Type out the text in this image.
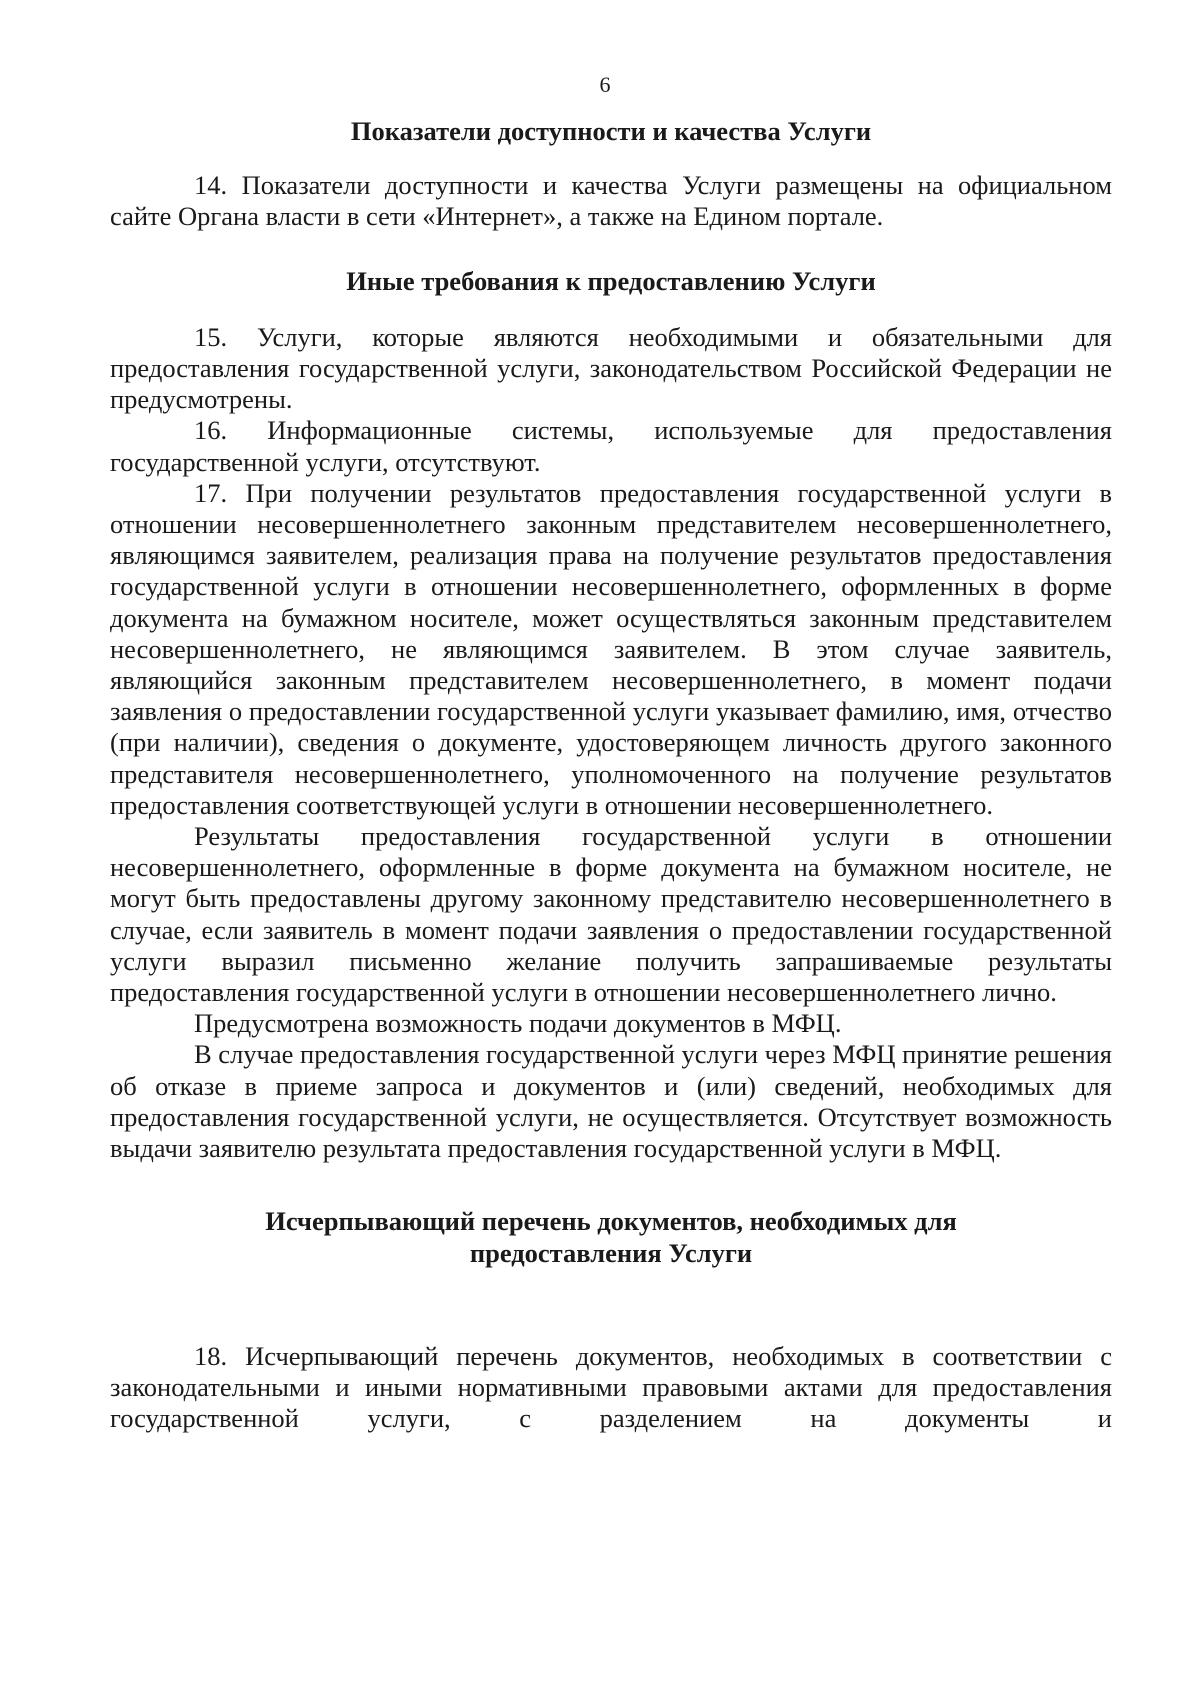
6

Показатели доступности и качества Услуги

14. Показатели доступности и качества Услуги размещены на официальном сайте Органа власти в сети «Интернет», а также на Едином портале.

Иные требования к предоставлению Услуги

15. Услуги, которые являются необходимыми и обязательными для предоставления государственной услуги, законодательством Российской Федерации не предусмотрены.

16. Информационные системы, используемые для предоставления государственной услуги, отсутствуют.

17. При получении результатов предоставления государственной услуги в отношении несовершеннолетнего законным представителем несовершеннолетнего, являющимся заявителем, реализация права на получение результатов предоставления государственной услуги в отношении несовершеннолетнего, оформленных в форме документа на бумажном носителе, может осуществляться законным представителем несовершеннолетнего, не являющимся заявителем. В этом случае заявитель, являющийся законным представителем несовершеннолетнего, в момент подачи заявления о предоставлении государственной услуги указывает фамилию, имя, отчество (при наличии), сведения о документе, удостоверяющем личность другого законного представителя несовершеннолетнего, уполномоченного на получение результатов предоставления соответствующей услуги в отношении несовершеннолетнего.

Результаты предоставления государственной услуги в отношении несовершеннолетнего, оформленные в форме документа на бумажном носителе, не могут быть предоставлены другому законному представителю несовершеннолетнего в случае, если заявитель в момент подачи заявления о предоставлении государственной услуги выразил письменно желание получить запрашиваемые результаты предоставления государственной услуги в отношении несовершеннолетнего лично.

Предусмотрена возможность подачи документов в МФЦ.

В случае предоставления государственной услуги через МФЦ принятие решения об отказе в приеме запроса и документов и (или) сведений, необходимых для предоставления государственной услуги, не осуществляется. Отсутствует возможность выдачи заявителю результата предоставления государственной услуги в МФЦ.

Исчерпывающий перечень документов, необходимых для

предоставления Услуги

18. Исчерпывающий перечень документов, необходимых в соответствии с законодательными и иными нормативными правовыми актами для предоставления государственной услуги, с разделением на документы и
